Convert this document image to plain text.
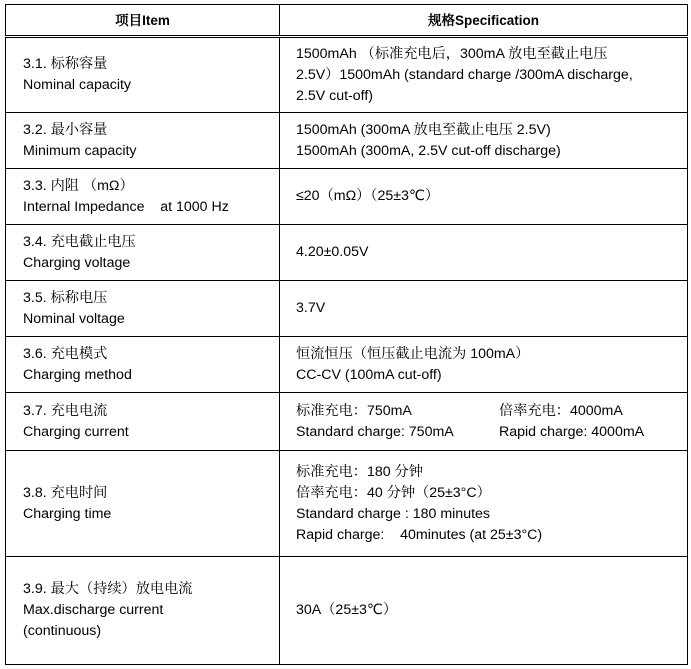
项目Item	规格Specification

3.1. 标称容量
Nominal capacity	1500mAh （标准充电后，300mA 放电至截止电压
2.5V）1500mAh (standard charge /300mA discharge,
2.5V cut-off)

3.2. 最小容量
Minimum capacity	1500mAh (300mA 放电至截止电压 2.5V)
1500mAh (300mA, 2.5V cut-off discharge)

3.3. 内阻 （mΩ）
Internal Impedance    at 1000 Hz	≤20（mΩ）（25±3℃）

3.4. 充电截止电压
Charging voltage	4.20±0.05V

3.5. 标称电压
Nominal voltage	3.7V

3.6. 充电模式
Charging method	恒流恒压（恒压截止电流为 100mA）
CC-CV (100mA cut-off)

3.7. 充电电流
Charging current	标准充电：750mA 倍率充电：4000mA
Standard charge: 750mA Rapid charge: 4000mA

3.8. 充电时间
Charging time	标准充电：180 分钟
倍率充电：40 分钟（25±3°C）
Standard charge : 180 minutes
Rapid charge:    40minutes (at 25±3°C)

3.9. 最大（持续）放电电流
Max.discharge current
(continuous)	30A（25±3℃）
